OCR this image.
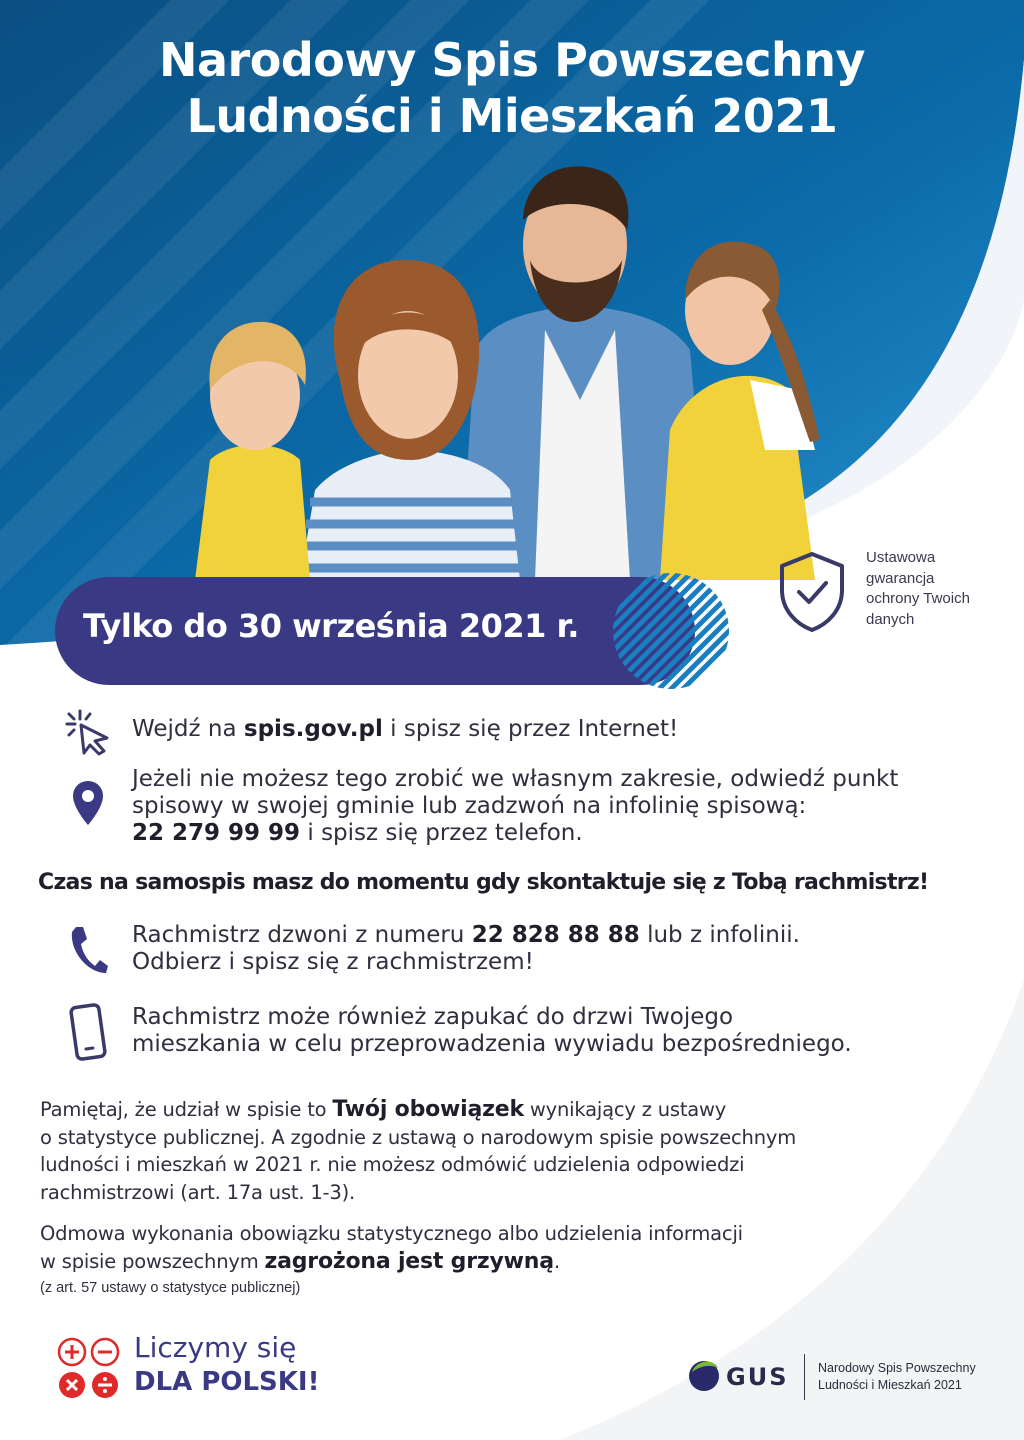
Narodowy Spis Powszechny
Ludności i Mieszkań 2021
Tylko do 30 września 2021 r.
Ustawowa
gwarancja
ochrony Twoich
danych
Wejdź na spis.gov.pl i spisz się przez Internet!
Jeżeli nie możesz tego zrobić we własnym zakresie, odwiedź punkt
spisowy w swojej gminie lub zadzwoń na infolinię spisową:
22 279 99 99 i spisz się przez telefon.
Czas na samospis masz do momentu gdy skontaktuje się z Tobą rachmistrz!
Rachmistrz dzwoni z numeru 22 828 88 88 lub z infolinii.
Odbierz i spisz się z rachmistrzem!
Rachmistrz może również zapukać do drzwi Twojego
mieszkania w celu przeprowadzenia wywiadu bezpośredniego.
Pamiętaj, że udział w spisie to Twój obowiązek wynikający z ustawy
o statystyce publicznej. A zgodnie z ustawą o narodowym spisie powszechnym
ludności i mieszkań w 2021 r. nie możesz odmówić udzielenia odpowiedzi
rachmistrzowi (art. 17a ust. 1-3).
Odmowa wykonania obowiązku statystycznego albo udzielenia informacji
w spisie powszechnym zagrożona jest grzywną.
(z art. 57 ustawy o statystyce publicznej)
Liczymy się
DLA POLSKI!	GUS Narodowy Spis Powszechny
Ludności i Mieszkań 2021
